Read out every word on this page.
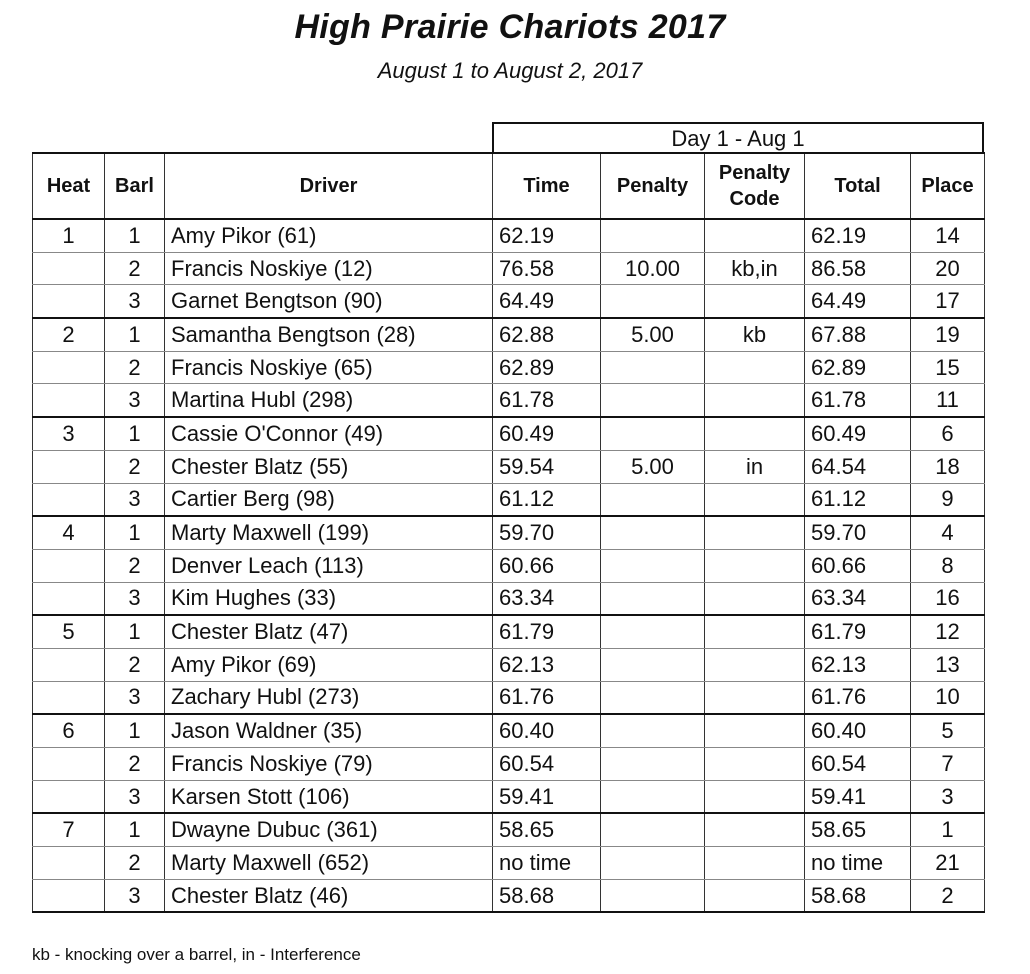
High Prairie Chariots 2017
August 1 to August 2, 2017
Day 1 - Aug 1
Heat	Barl	Driver	Time	Penalty	Penalty Code	Total	Place
1	1	Amy Pikor (61)	62.19			62.19	14
	2	Francis Noskiye (12)	76.58	10.00	kb,in	86.58	20
	3	Garnet Bengtson (90)	64.49			64.49	17
2	1	Samantha Bengtson (28)	62.88	5.00	kb	67.88	19
	2	Francis Noskiye (65)	62.89			62.89	15
	3	Martina Hubl (298)	61.78			61.78	11
3	1	Cassie O'Connor (49)	60.49			60.49	6
	2	Chester Blatz (55)	59.54	5.00	in	64.54	18
	3	Cartier Berg (98)	61.12			61.12	9
4	1	Marty Maxwell (199)	59.70			59.70	4
	2	Denver Leach (113)	60.66			60.66	8
	3	Kim Hughes (33)	63.34			63.34	16
5	1	Chester Blatz (47)	61.79			61.79	12
	2	Amy Pikor (69)	62.13			62.13	13
	3	Zachary Hubl (273)	61.76			61.76	10
6	1	Jason Waldner (35)	60.40			60.40	5
	2	Francis Noskiye (79)	60.54			60.54	7
	3	Karsen Stott (106)	59.41			59.41	3
7	1	Dwayne Dubuc (361)	58.65			58.65	1
	2	Marty Maxwell (652)	no time			no time	21
	3	Chester Blatz (46)	58.68			58.68	2
kb - knocking over a barrel, in - Interference
